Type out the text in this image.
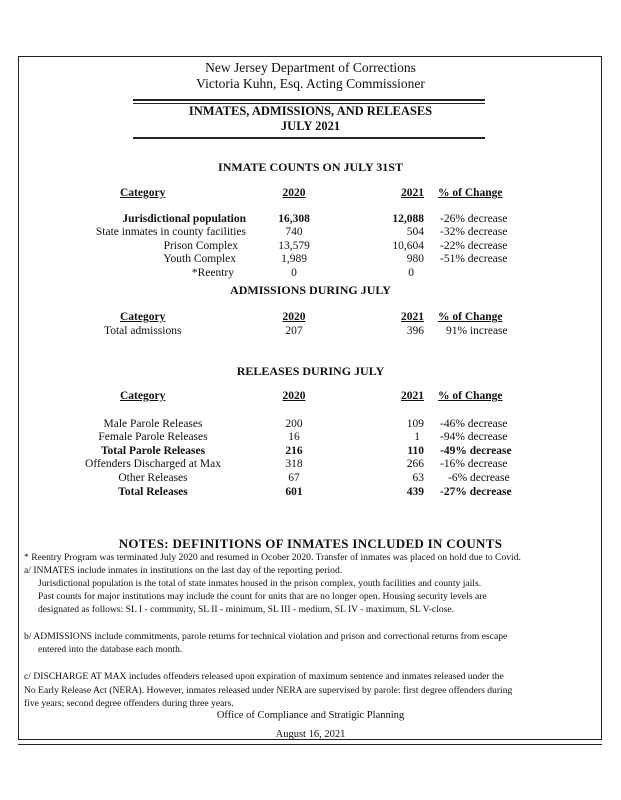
New Jersey Department of Corrections
Victoria Kuhn, Esq. Acting Commissioner
INMATES, ADMISSIONS, AND RELEASES
JULY 2021
INMATE COUNTS ON JULY 31ST
Category	2020	2021	% of Change

Jurisdictional population	16,308	12,088	-26% decrease
State inmates in county facilities	740	504	-32% decrease
Prison Complex	13,579	10,604	-22% decrease
Youth Complex	1,989	980	-51% decrease
*Reentry	0	0	
ADMISSIONS DURING JULY
Category	2020	2021	% of Change
Total admissions	207	396	91% increase
RELEASES DURING JULY
Category	2020	2021	% of Change

Male Parole Releases	200	109	-46% decrease
Female Parole Releases	16	1	-94% decrease
Total Parole Releases	216	110	-49% decrease
Offenders Discharged at Max	318	266	-16% decrease
Other Releases	67	63	-6% decrease
Total Releases	601	439	-27% decrease
NOTES: DEFINITIONS OF INMATES INCLUDED IN COUNTS
* Reentry Program was terminated July 2020 and resumed in Ocober 2020. Transfer of inmates was placed on hold due to Covid.
a/ INMATES include inmates in institutions on the last day of the reporting period.
Jurisdictional population is the total of state inmates housed in the prison complex, youth facilities and county jails.
Past counts for major institutions may include the count for units that are no longer open. Housing security levels are
designated as follows: SL I - community, SL II - minimum, SL III - medium, SL IV - maximum, SL V-close.
b/ ADMISSIONS include commitments, parole returns for technical violation and prison and correctional returns from escape
entered into the database each month.
c/ DISCHARGE AT MAX includes offenders released upon expiration of maximum sentence and inmates released under the
No Early Release Act (NERA). However, inmates released under NERA are supervised by parole: first degree offenders during
five years; second degree offenders during three years.
Office of Compliance and Stratigic Planning
August 16, 2021
